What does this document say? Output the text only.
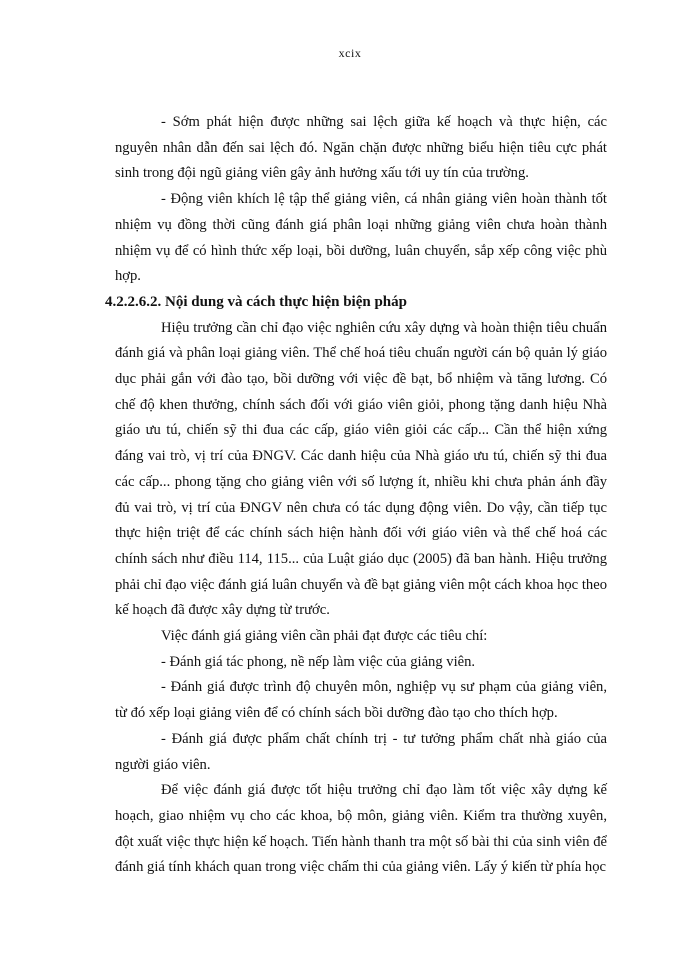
xcix

- Sớm phát hiện được những sai lệch giữa kế hoạch và thực hiện, các nguyên nhân dẫn đến sai lệch đó. Ngăn chặn được những biểu hiện tiêu cực phát sinh trong đội ngũ giảng viên gây ảnh hưởng xấu tới uy tín của trường.

- Động viên khích lệ tập thể giảng viên, cá nhân giảng viên hoàn thành tốt nhiệm vụ đồng thời cũng đánh giá phân loại những giảng viên chưa hoàn thành nhiệm vụ để có hình thức xếp loại, bồi dưỡng, luân chuyển, sắp xếp công việc phù hợp.

4.2.2.6.2. Nội dung và cách thực hiện biện pháp

Hiệu trưởng cần chỉ đạo việc nghiên cứu xây dựng và hoàn thiện tiêu chuẩn đánh giá và phân loại giảng viên. Thể chế hoá tiêu chuẩn người cán bộ quản lý giáo dục phải gắn với đào tạo, bồi dưỡng với việc đề bạt, bổ nhiệm và tăng lương. Có chế độ khen thưởng, chính sách đối với giáo viên giỏi, phong tặng danh hiệu Nhà giáo ưu tú, chiến sỹ thi đua các cấp, giáo viên giỏi các cấp... Cần thể hiện xứng đáng vai trò, vị trí của ĐNGV. Các danh hiệu của Nhà giáo ưu tú, chiến sỹ thi đua các cấp... phong tặng cho giảng viên với số lượng ít, nhiều khi chưa phản ánh đầy đủ vai trò, vị trí của ĐNGV nên chưa có tác dụng động viên. Do vậy, cần tiếp tục thực hiện triệt để các chính sách hiện hành đối với giáo viên và thể chế hoá các chính sách như điều 114, 115... của Luật giáo dục (2005) đã ban hành. Hiệu trưởng phải chỉ đạo việc đánh giá luân chuyển và đề bạt giảng viên một cách khoa học theo kế hoạch đã được xây dựng từ trước.

Việc đánh giá giảng viên cần phải đạt được các tiêu chí:

- Đánh giá tác phong, nề nếp làm việc của giảng viên.

- Đánh giá được trình độ chuyên môn, nghiệp vụ sư phạm của giảng viên, từ đó xếp loại giảng viên để có chính sách bồi dưỡng đào tạo cho thích hợp.

- Đánh giá được phẩm chất chính trị - tư tưởng phẩm chất nhà giáo của người giáo viên.

Để việc đánh giá được tốt hiệu trưởng chỉ đạo làm tốt việc xây dựng kế hoạch, giao nhiệm vụ cho các khoa, bộ môn, giảng viên. Kiểm tra thường xuyên, đột xuất việc thực hiện kế hoạch. Tiến hành thanh tra một số bài thi của sinh viên để đánh giá tính khách quan trong việc chấm thi của giảng viên. Lấy ý kiến từ phía học
